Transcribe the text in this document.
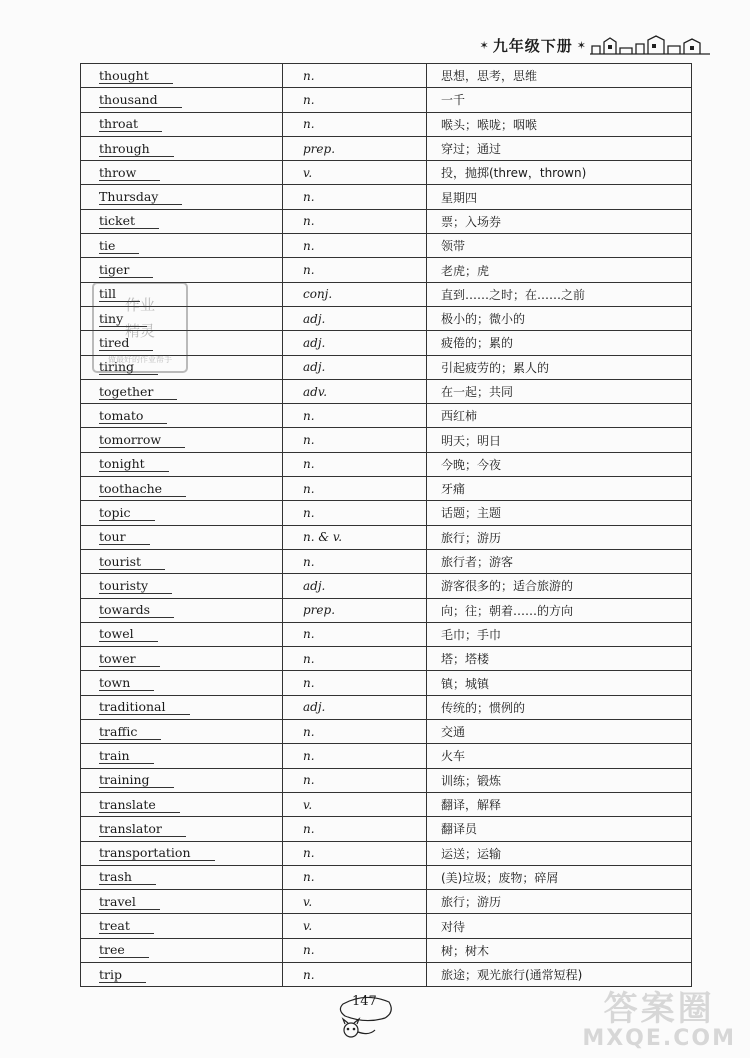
✶ 九年级下册 ✶
thought	n.	思想，思考，思维
thousand	n.	一千
throat	n.	喉头；喉咙；咽喉
through	prep.	穿过；通过
throw	v.	投，抛掷(threw，thrown)
Thursday	n.	星期四
ticket	n.	票；入场券
tie	n.	领带
tiger	n.	老虎；虎
till	conj.	直到……之时；在……之前
tiny	adj.	极小的；微小的
tired	adj.	疲倦的；累的
tiring	adj.	引起疲劳的；累人的
together	adv.	在一起；共同
tomato	n.	西红柿
tomorrow	n.	明天；明日
tonight	n.	今晚；今夜
toothache	n.	牙痛
topic	n.	话题；主题
tour	n. & v.	旅行；游历
tourist	n.	旅行者；游客
touristy	adj.	游客很多的；适合旅游的
towards	prep.	向；往；朝着……的方向
towel	n.	毛巾；手巾
tower	n.	塔；塔楼
town	n.	镇；城镇
traditional	adj.	传统的；惯例的
traffic	n.	交通
train	n.	火车
training	n.	训练；锻炼
translate	v.	翻译，解释
translator	n.	翻译员
transportation	n.	运送；运输
trash	n.	(美)垃圾；废物；碎屑
travel	v.	旅行；游历
treat	v.	对待
tree	n.	树；树木
trip	n.	旅途；观光旅行(通常短程)
作业
精灵
做最好的作业帮手
147	答案圈
MXQE.COM
